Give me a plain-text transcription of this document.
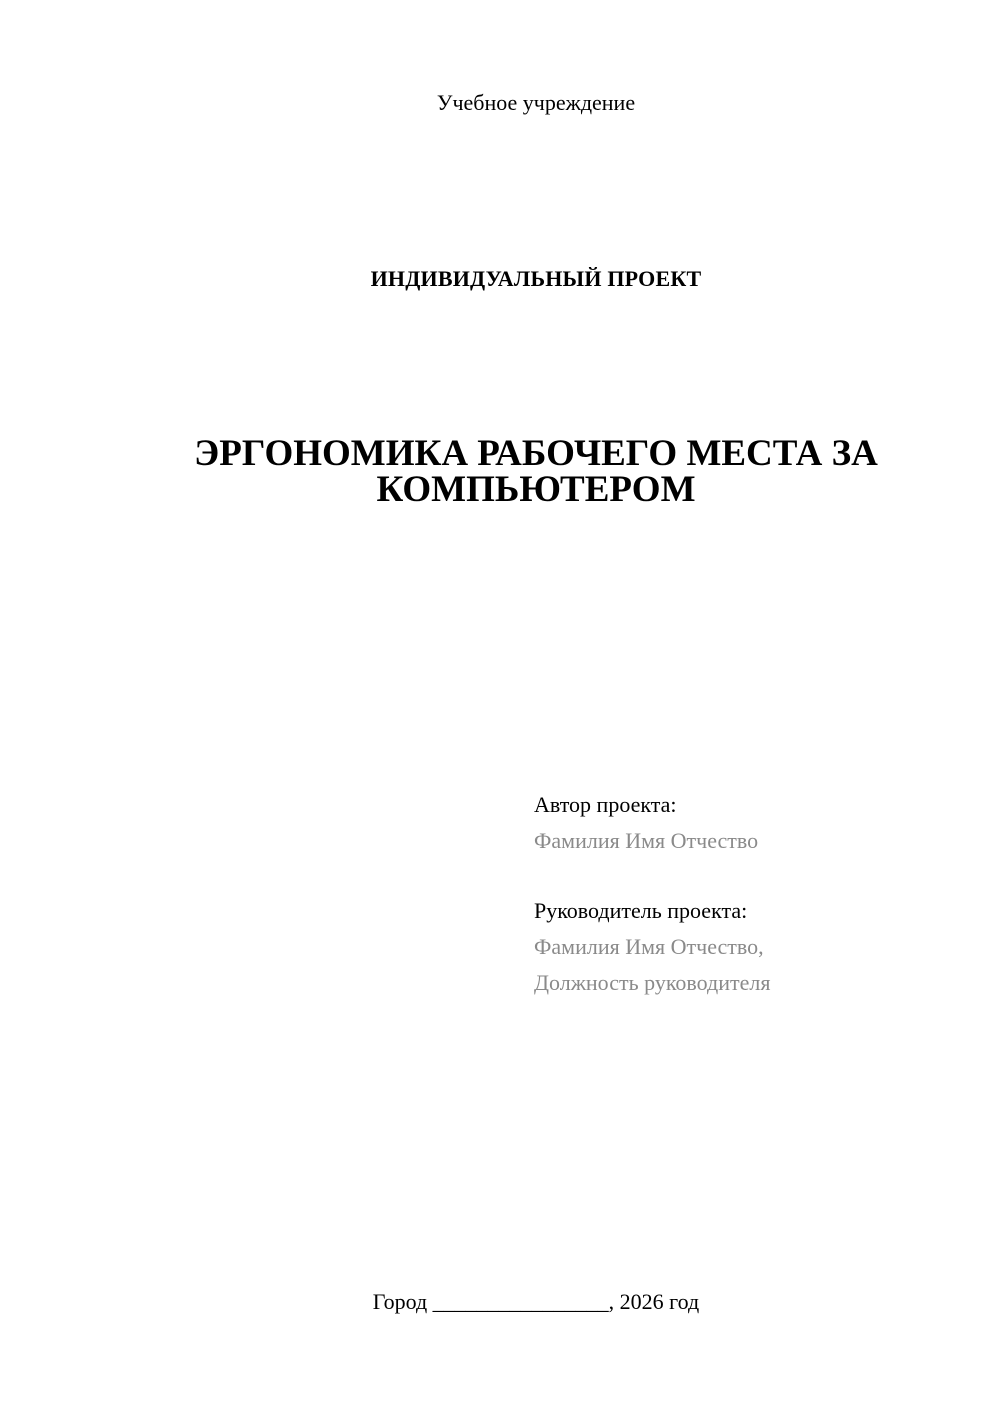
Учебное учреждение
ИНДИВИДУАЛЬНЫЙ ПРОЕКТ
ЭРГОНОМИКА РАБОЧЕГО МЕСТА ЗА
КОМПЬЮТЕРОМ
Автор проекта:
Фамилия Имя Отчество
Руководитель проекта:
Фамилия Имя Отчество,
Должность руководителя
Город ________________, 2026 год
